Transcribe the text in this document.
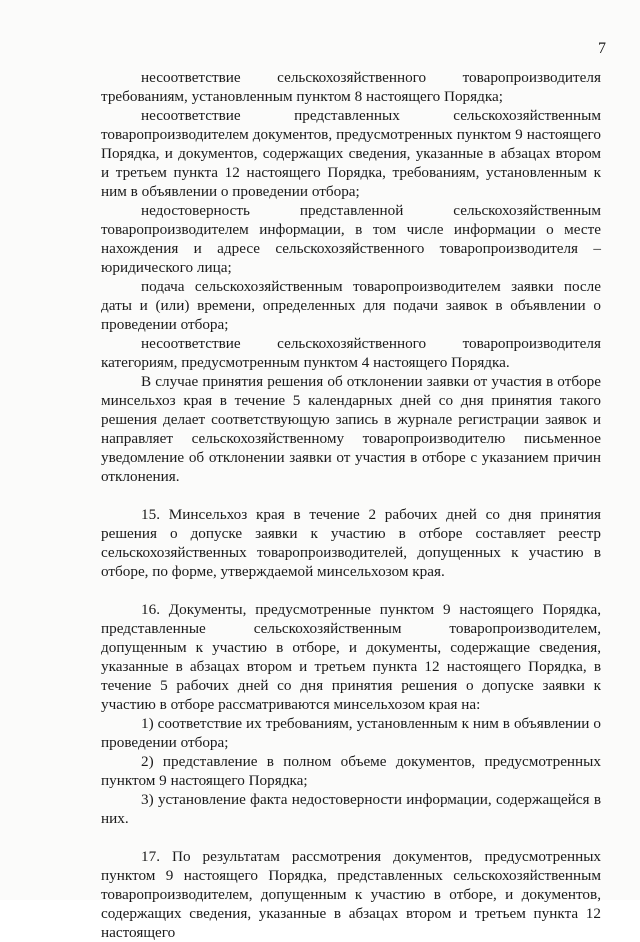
7

несоответствие сельскохозяйственного товаропроизводителя требованиям, установленным пунктом 8 настоящего Порядка;

несоответствие представленных сельскохозяйственным товаропроизводителем документов, предусмотренных пунктом 9 настоящего Порядка, и документов, содержащих сведения, указанные в абзацах втором и третьем пункта 12 настоящего Порядка, требованиям, установленным к ним в объявлении о проведении отбора;

недостоверность представленной сельскохозяйственным товаропроизводителем информации, в том числе информации о месте нахождения и адресе сельскохозяйственного товаропроизводителя – юридического лица;

подача сельскохозяйственным товаропроизводителем заявки после даты и (или) времени, определенных для подачи заявок в объявлении о проведении отбора;

несоответствие сельскохозяйственного товаропроизводителя категориям, предусмотренным пунктом 4 настоящего Порядка.

В случае принятия решения об отклонении заявки от участия в отборе минсельхоз края в течение 5 календарных дней со дня принятия такого решения делает соответствующую запись в журнале регистрации заявок и направляет сельскохозяйственному товаропроизводителю письменное уведомление об отклонении заявки от участия в отборе с указанием причин отклонения.

15. Минсельхоз края в течение 2 рабочих дней со дня принятия решения о допуске заявки к участию в отборе составляет реестр сельскохозяйственных товаропроизводителей, допущенных к участию в отборе, по форме, утверждаемой минсельхозом края.

16. Документы, предусмотренные пунктом 9 настоящего Порядка, представленные сельскохозяйственным товаропроизводителем, допущенным к участию в отборе, и документы, содержащие сведения, указанные в абзацах втором и третьем пункта 12 настоящего Порядка, в течение 5 рабочих дней со дня принятия решения о допуске заявки к участию в отборе рассматриваются минсельхозом края на:

1) соответствие их требованиям, установленным к ним в объявлении о проведении отбора;

2) представление в полном объеме документов, предусмотренных пунктом 9 настоящего Порядка;

3) установление факта недостоверности информации, содержащейся в них.

17. По результатам рассмотрения документов, предусмотренных пунктом 9 настоящего Порядка, представленных сельскохозяйственным товаропроизводителем, допущенным к участию в отборе, и документов, содержащих сведения, указанные в абзацах втором и третьем пункта 12 настоящего
